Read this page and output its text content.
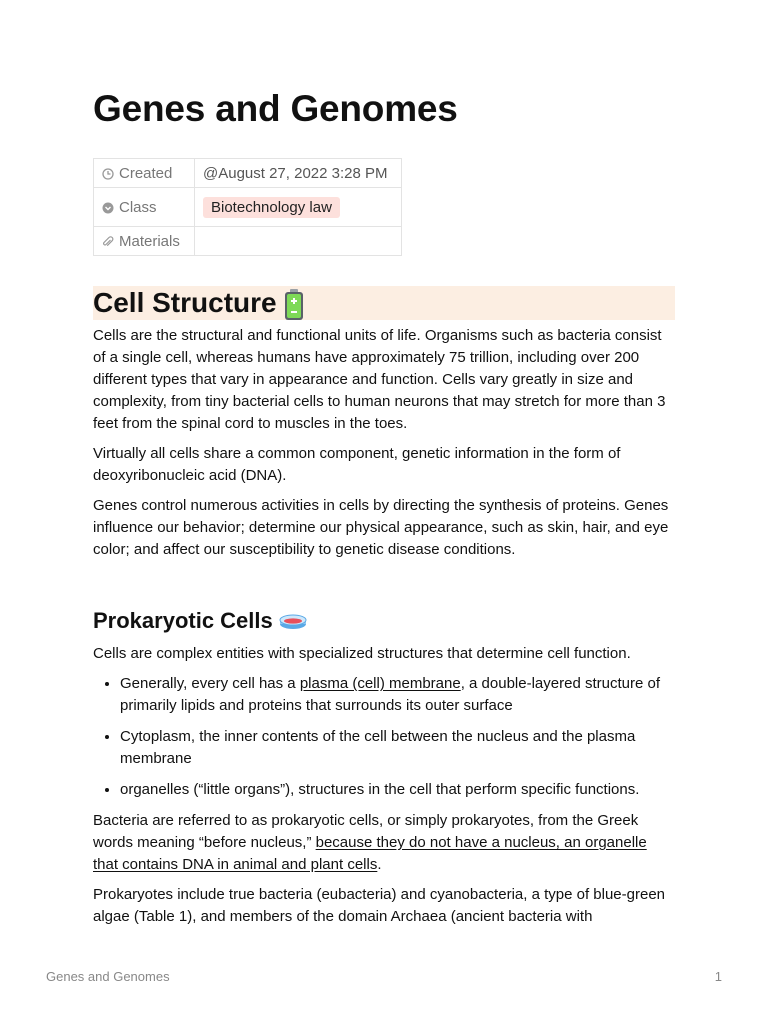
Genes and Genomes
Created	@August 27, 2022 3:28 PM
Class	Biotechnology law
Materials	
Cell Structure

Cells are the structural and functional units of life. Organisms such as bacteria consist of a single cell, whereas humans have approximately 75 trillion, including over 200 different types that vary in appearance and function. Cells vary greatly in size and complexity, from tiny bacterial cells to human neurons that may stretch for more than 3 feet from the spinal cord to muscles in the toes.

Virtually all cells share a common component, genetic information in the form of deoxyribonucleic acid (DNA).

Genes control numerous activities in cells by directing the synthesis of proteins. Genes influence our behavior; determine our physical appearance, such as skin, hair, and eye color; and affect our susceptibility to genetic disease conditions.

Prokaryotic Cells

Cells are complex entities with specialized structures that determine cell function.

• Generally, every cell has a plasma (cell) membrane, a double-layered structure of primarily lipids and proteins that surrounds its outer surface
• Cytoplasm, the inner contents of the cell between the nucleus and the plasma membrane
• organelles (“little organs”), structures in the cell that perform specific functions.

Bacteria are referred to as prokaryotic cells, or simply prokaryotes, from the Greek words meaning “before nucleus,” because they do not have a nucleus, an organelle that contains DNA in animal and plant cells.

Prokaryotes include true bacteria (eubacteria) and cyanobacteria, a type of blue-green algae (Table 1), and members of the domain Archaea (ancient bacteria with

Genes and Genomes	1
